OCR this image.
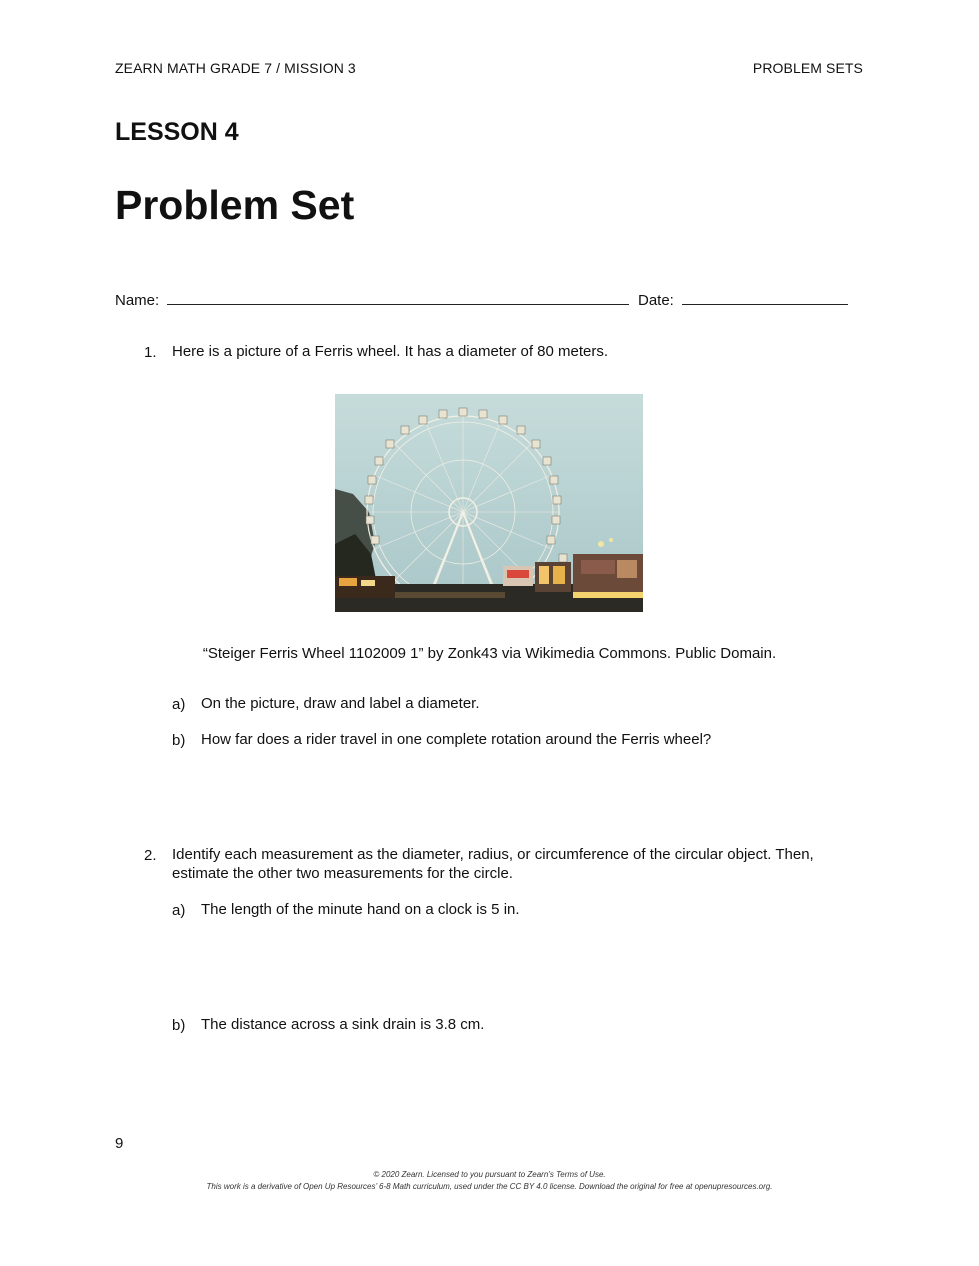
ZEARN MATH GRADE 7 / MISSION 3	PROBLEM SETS
LESSON 4
Problem Set
Name:	Date:
1. Here is a picture of a Ferris wheel. It has a diameter of 80 meters.
“Steiger Ferris Wheel 1102009 1” by Zonk43 via Wikimedia Commons. Public Domain.
a) On the picture, draw and label a diameter.
b) How far does a rider travel in one complete rotation around the Ferris wheel?
2. Identify each measurement as the diameter, radius, or circumference of the circular object. Then,
estimate the other two measurements for the circle.
a) The length of the minute hand on a clock is 5 in.
b) The distance across a sink drain is 3.8 cm.
9
© 2020 Zearn. Licensed to you pursuant to Zearn’s Terms of Use.
This work is a derivative of Open Up Resources’ 6-8 Math curriculum, used under the CC BY 4.0 license. Download the original for free at openupresources.org.
